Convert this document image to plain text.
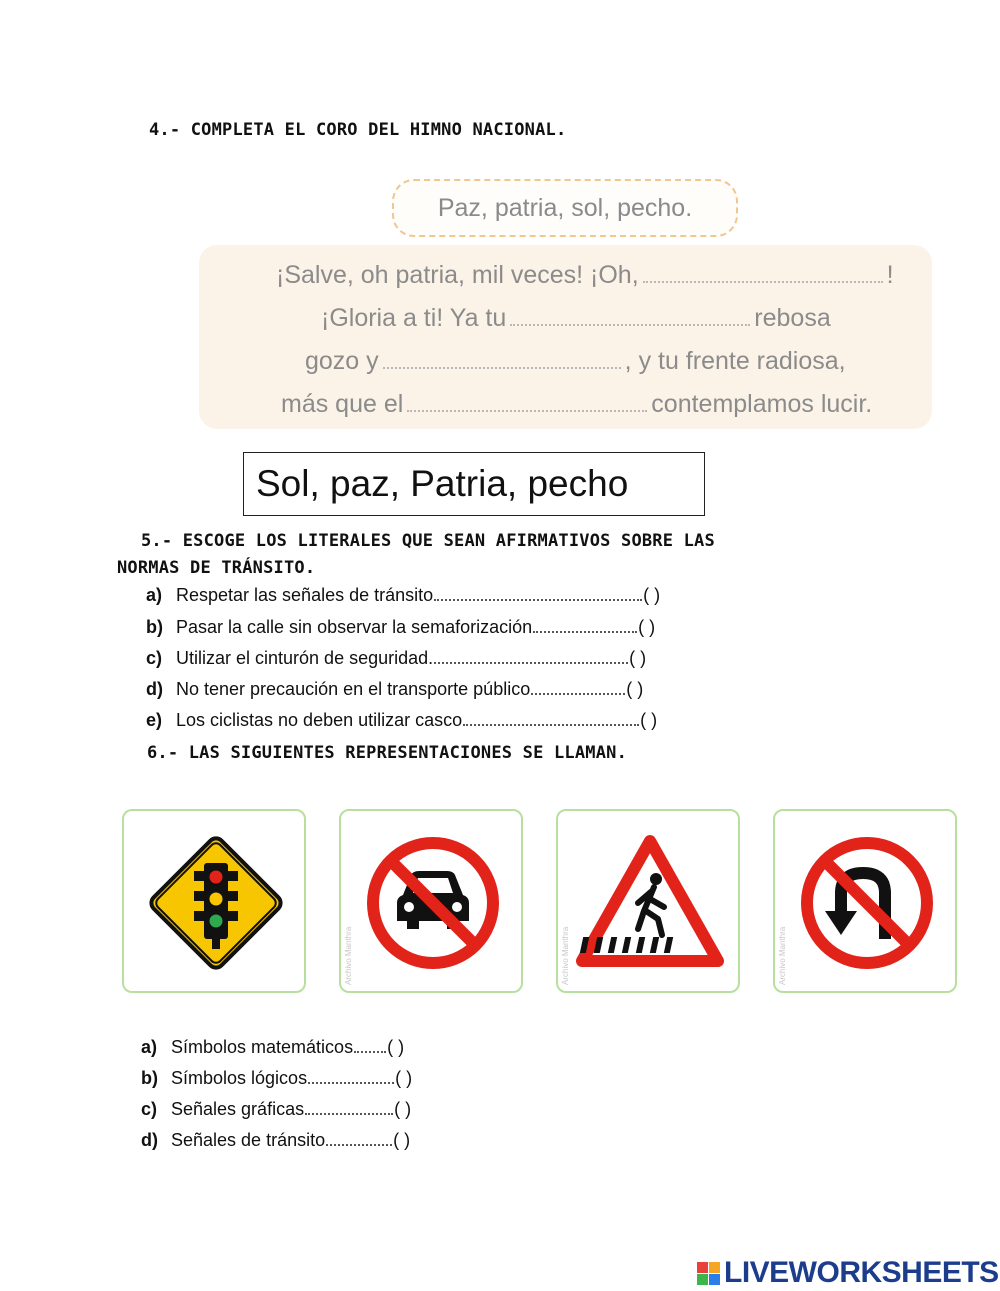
4.- COMPLETA EL CORO DEL HIMNO NACIONAL.
Paz, patria, sol, pecho.
¡Salve, oh patria, mil veces! ¡Oh,	!
¡Gloria a ti! Ya tu	rebosa
gozo y	, y tu frente radiosa,
más que el	contemplamos lucir.
Sol, paz, Patria, pecho
5.- ESCOGE LOS LITERALES QUE SEAN AFIRMATIVOS SOBRE LAS
NORMAS DE TRÁNSITO.
a) Respetar las señales de tránsito	( )
b) Pasar la calle sin observar la semaforización	( )
c) Utilizar el cinturón de seguridad.	( )
d) No tener precaución en el transporte público	( )
e) Los ciclistas no deben utilizar casco	( )
6.- LAS SIGUIENTES REPRESENTACIONES SE LLAMAN.
Archivo Manthra	Archivo Manthra	Archivo Manthra
a) Símbolos matemáticos ( )
b) Símbolos lógicos	( )
c) Señales gráficas	( )
d) Señales de tránsito	( )
LIVEWORKSHEETS
